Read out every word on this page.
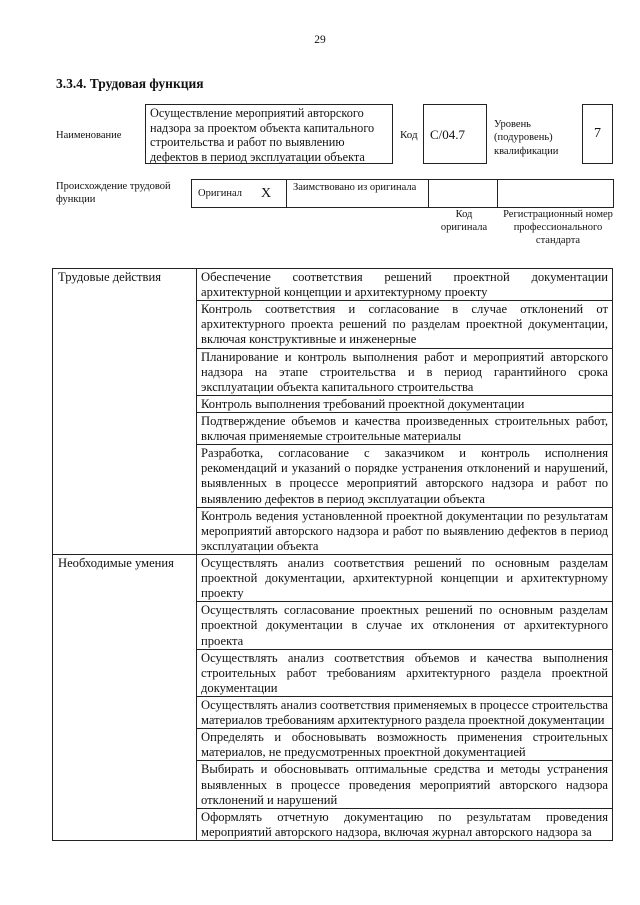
29
3.3.4. Трудовая функция
Наименование
Осуществление мероприятий авторского надзора за проектом объекта капитального строительства и работ по выявлению дефектов в период эксплуатации объекта
Код С/04.7
Уровень (подуровень) квалификации
7
Происхождение трудовой функции
Оригинал X Заимствовано из оригинала
Код оригинала
Регистрационный номер профессионального стандарта
Трудовые действия	Обеспечение соответствия решений проектной документации архитектурной концепции и архитектурному проекту
	Контроль соответствия и согласование в случае отклонений от архитектурного проекта решений по разделам проектной документации, включая конструктивные и инженерные
	Планирование и контроль выполнения работ и мероприятий авторского надзора на этапе строительства и в период гарантийного срока эксплуатации объекта капитального строительства
	Контроль выполнения требований проектной документации
	Подтверждение объемов и качества произведенных строительных работ, включая применяемые строительные материалы
	Разработка, согласование с заказчиком и контроль исполнения рекомендаций и указаний о порядке устранения отклонений и нарушений, выявленных в процессе мероприятий авторского надзора и работ по выявлению дефектов в период эксплуатации объекта
	Контроль ведения установленной проектной документации по результатам мероприятий авторского надзора и работ по выявлению дефектов в период эксплуатации объекта
Необходимые умения	Осуществлять анализ соответствия решений по основным разделам проектной документации, архитектурной концепции и архитектурному проекту
	Осуществлять согласование проектных решений по основным разделам проектной документации в случае их отклонения от архитектурного проекта
	Осуществлять анализ соответствия объемов и качества выполнения строительных работ требованиям архитектурного раздела проектной документации
	Осуществлять анализ соответствия применяемых в процессе строительства материалов требованиям архитектурного раздела проектной документации
	Определять и обосновывать возможность применения строительных материалов, не предусмотренных проектной документацией
	Выбирать и обосновывать оптимальные средства и методы устранения выявленных в процессе проведения мероприятий авторского надзора отклонений и нарушений
	Оформлять отчетную документацию по результатам проведения мероприятий авторского надзора, включая журнал авторского надзора за
